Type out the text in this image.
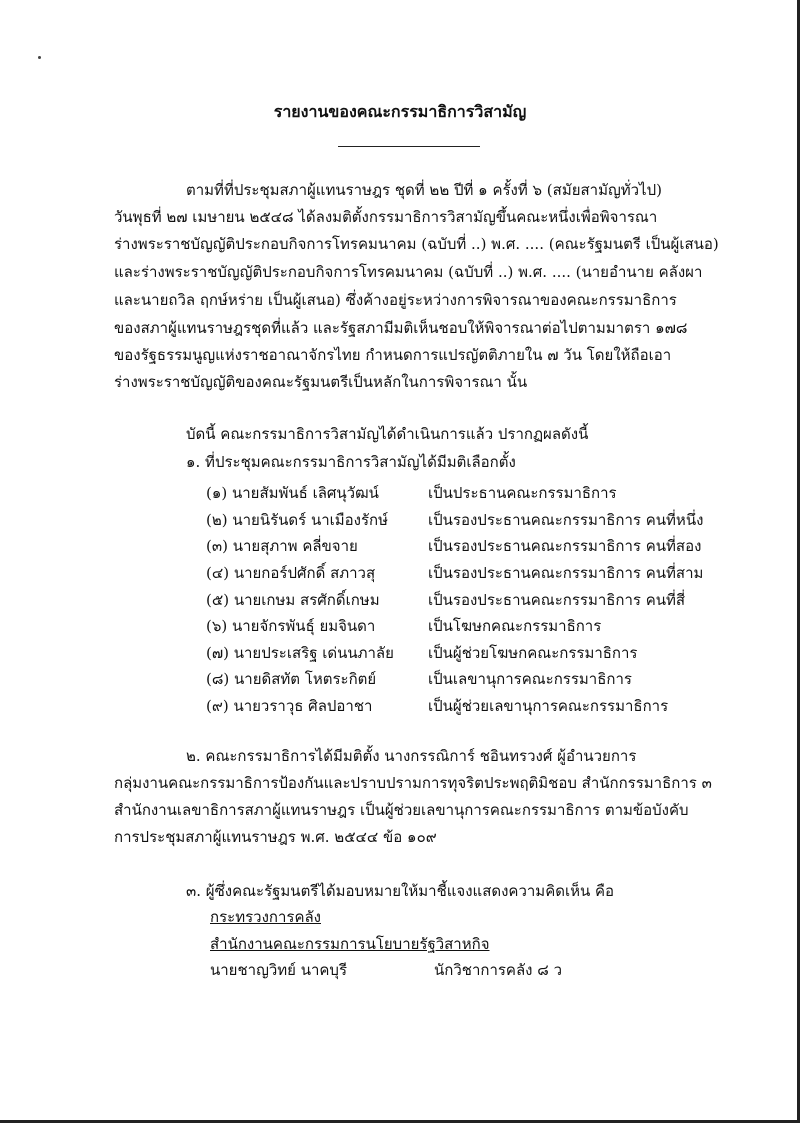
รายงานของคณะกรรมาธิการวิสามัญ
ตามที่ที่ประชุมสภาผู้แทนราษฎร ชุดที่ ๒๒ ปีที่ ๑ ครั้งที่ ๖ (สมัยสามัญทั่วไป)
วันพุธที่ ๒๗ เมษายน ๒๕๔๘ ได้ลงมติตั้งกรรมาธิการวิสามัญขึ้นคณะหนึ่งเพื่อพิจารณา
ร่างพระราชบัญญัติประกอบกิจการโทรคมนาคม (ฉบับที่ ..) พ.ศ. .... (คณะรัฐมนตรี เป็นผู้เสนอ)
และร่างพระราชบัญญัติประกอบกิจการโทรคมนาคม (ฉบับที่ ..) พ.ศ. .... (นายอำนาย คลังผา
และนายถวิล ฤกษ์หร่าย เป็นผู้เสนอ) ซึ่งค้างอยู่ระหว่างการพิจารณาของคณะกรรมาธิการ
ของสภาผู้แทนราษฎรชุดที่แล้ว และรัฐสภามีมติเห็นชอบให้พิจารณาต่อไปตามมาตรา ๑๗๘
ของรัฐธรรมนูญแห่งราชอาณาจักรไทย กำหนดการแปรญัตติภายใน ๗ วัน โดยให้ถือเอา
ร่างพระราชบัญญัติของคณะรัฐมนตรีเป็นหลักในการพิจารณา นั้น
บัดนี้ คณะกรรมาธิการวิสามัญได้ดำเนินการแล้ว ปรากฏผลดังนี้
๑. ที่ประชุมคณะกรรมาธิการวิสามัญได้มีมติเลือกตั้ง
(๑) นายสัมพันธ์ เลิศนุวัฒน์	เป็นประธานคณะกรรมาธิการ
(๒) นายนิรันดร์ นาเมืองรักษ์	เป็นรองประธานคณะกรรมาธิการ คนที่หนึ่ง
(๓) นายสุภาพ คลี่ขจาย	เป็นรองประธานคณะกรรมาธิการ คนที่สอง
(๔) นายกอร์ปศักดิ์ สภาวสุ	เป็นรองประธานคณะกรรมาธิการ คนที่สาม
(๕) นายเกษม สรศักดิ์เกษม	เป็นรองประธานคณะกรรมาธิการ คนที่สี่
(๖) นายจักรพันธุ์ ยมจินดา	เป็นโฆษกคณะกรรมาธิการ
(๗) นายประเสริฐ เด่นนภาลัย เป็นผู้ช่วยโฆษกคณะกรรมาธิการ
(๘) นายดิสทัต โหตระกิตย์	เป็นเลขานุการคณะกรรมาธิการ
(๙) นายวราวุธ ศิลปอาชา	เป็นผู้ช่วยเลขานุการคณะกรรมาธิการ
๒. คณะกรรมาธิการได้มีมติตั้ง นางกรรณิการ์ ชอินทรวงศ์ ผู้อำนวยการ
กลุ่มงานคณะกรรมาธิการป้องกันและปราบปรามการทุจริตประพฤติมิชอบ สำนักกรรมาธิการ ๓
สำนักงานเลขาธิการสภาผู้แทนราษฎร เป็นผู้ช่วยเลขานุการคณะกรรมาธิการ ตามข้อบังคับ
การประชุมสภาผู้แทนราษฎร พ.ศ. ๒๕๔๔ ข้อ ๑๐๙
๓. ผู้ซึ่งคณะรัฐมนตรีได้มอบหมายให้มาชี้แจงแสดงความคิดเห็น คือ
กระทรวงการคลัง
สำนักงานคณะกรรมการนโยบายรัฐวิสาหกิจ
นายชาญวิทย์ นาคบุรี	นักวิชาการคลัง ๘ ว
